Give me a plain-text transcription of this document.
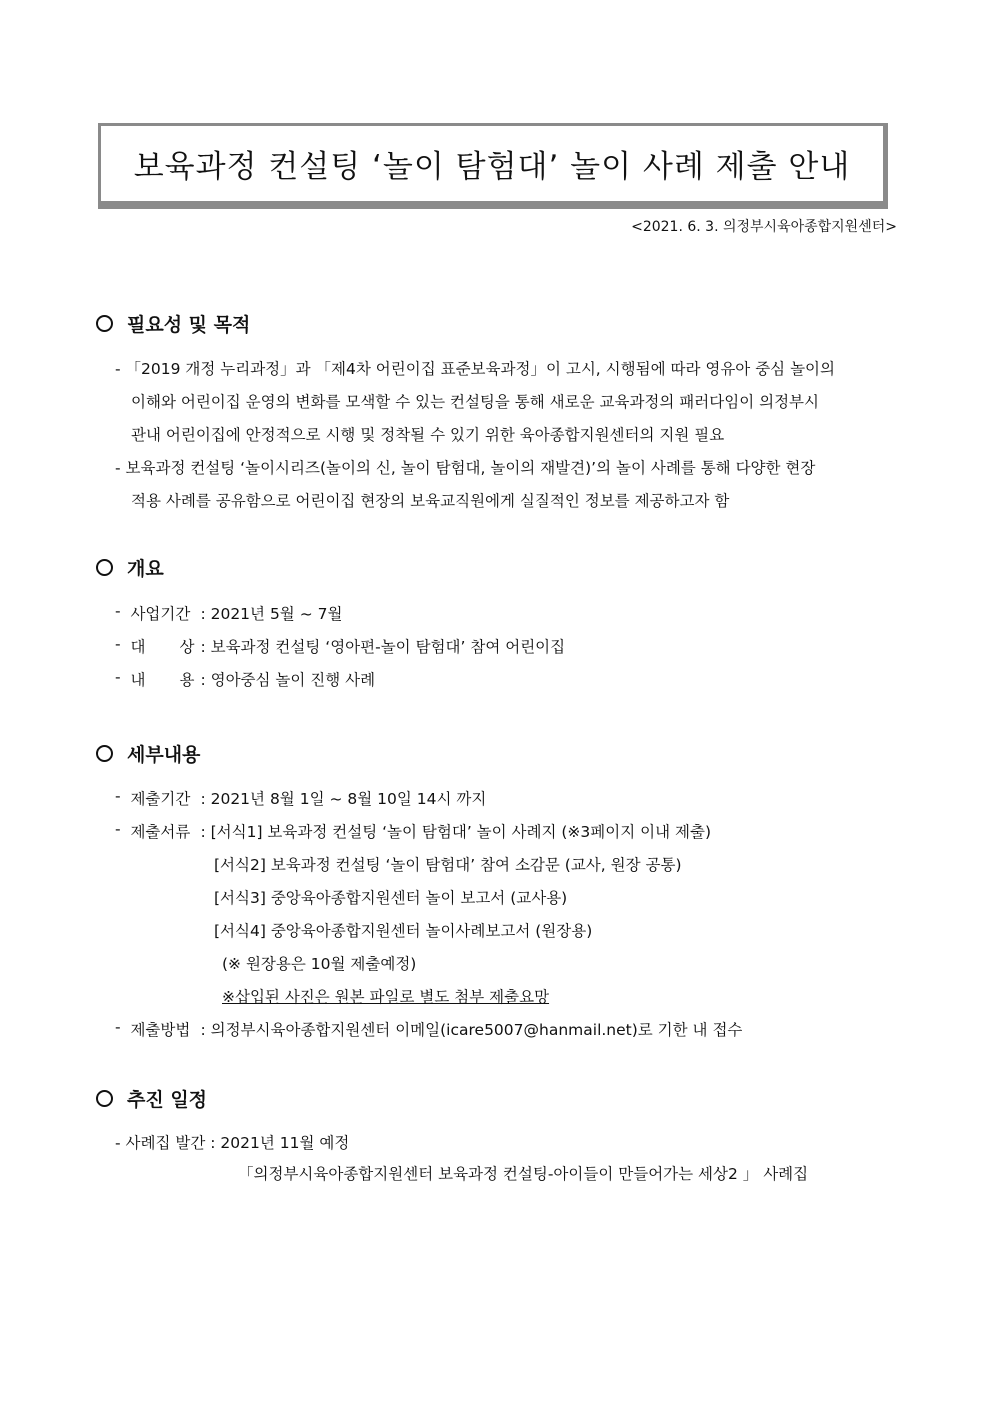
보육과정 컨설팅 ‘놀이 탐험대’ 놀이 사례 제출 안내
<2021. 6. 3. 의정부시육아종합지원센터>
필요성 및 목적
- 「2019 개정 누리과정」과 「제4차 어린이집 표준보육과정」이 고시, 시행됨에 따라 영유아 중심 놀이의
이해와 어린이집 운영의 변화를 모색할 수 있는 컨설팅을 통해 새로운 교육과정의 패러다임이 의정부시
관내 어린이집에 안정적으로 시행 및 정착될 수 있기 위한 육아종합지원센터의 지원 필요
- 보육과정 컨설팅 ‘놀이시리즈(놀이의 신, 놀이 탐험대, 놀이의 재발견)’의 놀이 사례를 통해 다양한 현장
적용 사례를 공유함으로 어린이집 현장의 보육교직원에게 실질적인 정보를 제공하고자 함
개요
- 사업기간 : 2021년 5월 ~ 7월
- 대 상 : 보육과정 컨설팅 ‘영아편-놀이 탐험대’ 참여 어린이집
- 내 용 : 영아중심 놀이 진행 사례
세부내용
- 제출기간 : 2021년 8월 1일 ~ 8월 10일 14시 까지
- 제출서류 : [서식1] 보육과정 컨설팅 ‘놀이 탐험대’ 놀이 사례지 (※3페이지 이내 제출)
[서식2] 보육과정 컨설팅 ‘놀이 탐험대’ 참여 소감문 (교사, 원장 공통)
[서식3] 중앙육아종합지원센터 놀이 보고서 (교사용)
[서식4] 중앙육아종합지원센터 놀이사례보고서 (원장용)
(※ 원장용은 10월 제출예정)
※삽입된 사진은 원본 파일로 별도 첨부 제출요망
- 제출방법 : 의정부시육아종합지원센터 이메일(icare5007@hanmail.net)로 기한 내 접수
추진 일정
- 사례집 발간 : 2021년 11월 예정
「의정부시육아종합지원센터 보육과정 컨설팅-아이들이 만들어가는 세상2 」 사례집
